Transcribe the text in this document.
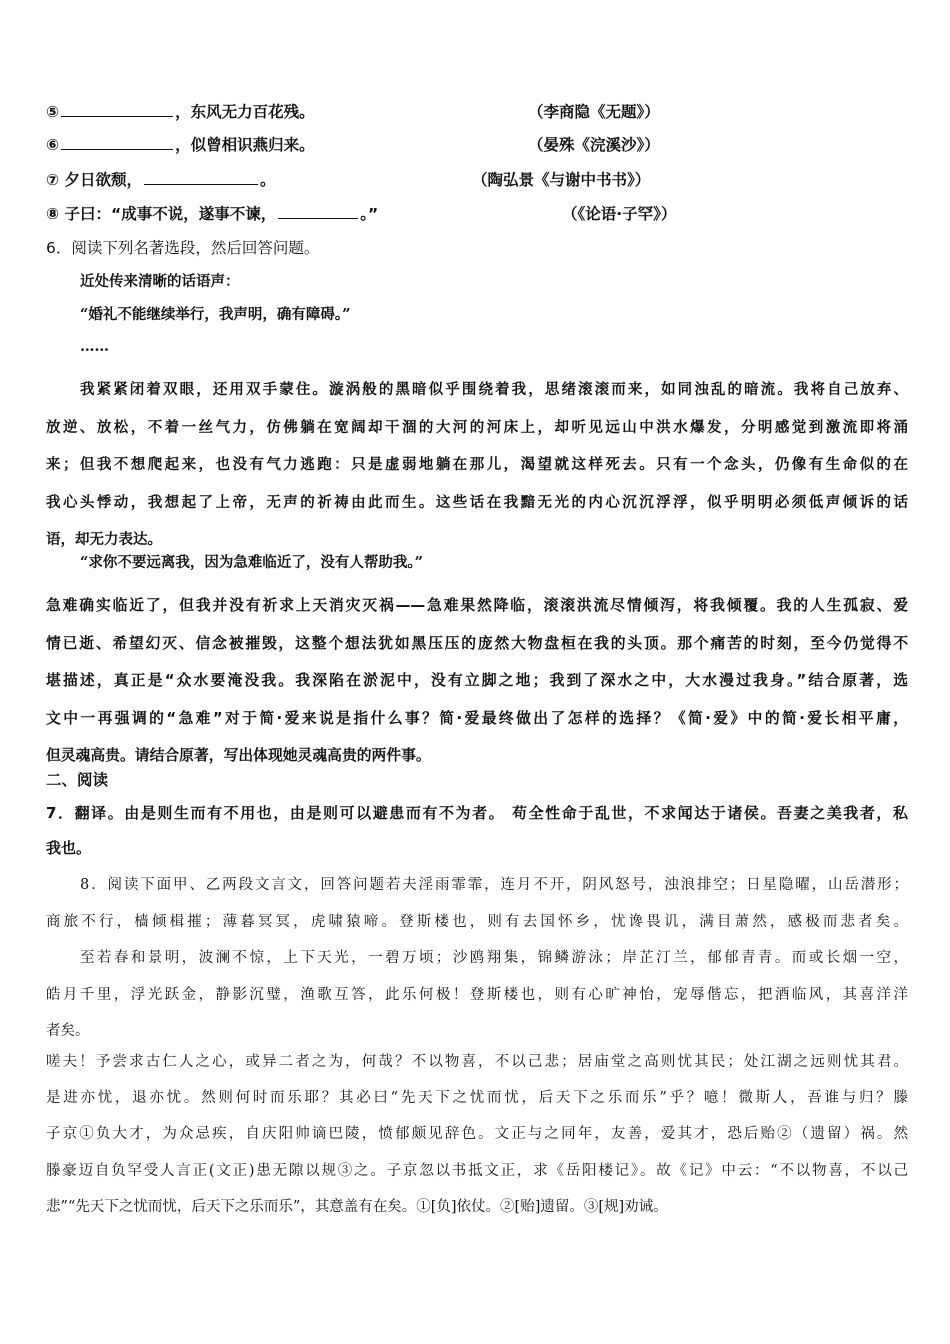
⑤	，东风无力百花残。	（李商隐《无题》）
⑥	，似曾相识燕归来。	（晏殊《浣溪沙》）
⑦ 夕日欲颓，	。	（陶弘景《与谢中书书》）
⑧ 子曰：“成事不说，遂事不谏，	。”	（《论语·子罕》）
6．阅读下列名著选段，然后回答问题。
近处传来清晰的话语声：
“婚礼不能继续举行，我声明，确有障碍。”
……
我紧紧闭着双眼，还用双手蒙住。漩涡般的黑暗似乎围绕着我，思绪滚滚而来，如同浊乱的暗流。我将自己放弃、
放逆、放松，不着一丝气力，仿佛躺在宽阔却干涸的大河的河床上，却听见远山中洪水爆发，分明感觉到激流即将涌
来；但我不想爬起来，也没有气力逃跑：只是虚弱地躺在那儿，渴望就这样死去。只有一个念头，仍像有生命似的在
我心头悸动，我想起了上帝，无声的祈祷由此而生。这些话在我黯无光的内心沉沉浮浮，似乎明明必须低声倾诉的话
语，却无力表达。
“求你不要远离我，因为急难临近了，没有人帮助我。”
急难确实临近了，但我并没有祈求上天消灾灭祸——急难果然降临，滚滚洪流尽情倾泻，将我倾覆。我的人生孤寂、爱
情已逝、希望幻灭、信念被摧毁，这整个想法犹如黑压压的庞然大物盘桓在我的头顶。那个痛苦的时刻，至今仍觉得不
堪描述，真正是“众水要淹没我。我深陷在淤泥中，没有立脚之地；我到了深水之中，大水漫过我身。”结合原著，选
文中一再强调的“急难”对于简·爱来说是指什么事？简·爱最终做出了怎样的选择？《简·爱》中的简·爱长相平庸，
但灵魂高贵。请结合原著，写出体现她灵魂高贵的两件事。
二、阅读
7．翻译。由是则生而有不用也，由是则可以避患而有不为者。 苟全性命于乱世，不求闻达于诸侯。吾妻之美我者，私
我也。
8．阅读下面甲、乙两段文言文，回答问题若夫淫雨霏霏，连月不开，阴风怒号，浊浪排空；日星隐曜，山岳潜形；
商旅不行，樯倾楫摧；薄暮冥冥，虎啸猿啼。登斯楼也，则有去国怀乡，忧谗畏讥，满目萧然，感极而悲者矣。
至若春和景明，波澜不惊，上下天光，一碧万顷；沙鸥翔集，锦鳞游泳；岸芷汀兰，郁郁青青。而或长烟一空，
皓月千里，浮光跃金，静影沉璧，渔歌互答，此乐何极！登斯楼也，则有心旷神怡，宠辱偕忘，把酒临风，其喜洋洋
者矣。
嗟夫！予尝求古仁人之心，或异二者之为，何哉？不以物喜，不以己悲；居庙堂之高则忧其民；处江湖之远则忧其君。
是进亦忧，退亦忧。然则何时而乐耶？其必曰“先天下之忧而忧，后天下之乐而乐”乎？噫！微斯人，吾谁与归？滕
子京①负大才，为众忌疾，自庆阳帅谪巴陵，愤郁颇见辞色。文正与之同年，友善，爱其才，恐后贻②（遗留）祸。然
滕豪迈自负罕受人言正(文正)患无隙以规③之。子京忽以书抵文正，求《岳阳楼记》。故《记》中云：“不以物喜，不以己
悲”“先天下之忧而忧，后天下之乐而乐”，其意盖有在矣。①[负]依仗。②[贻]遗留。③[规]劝诫。
